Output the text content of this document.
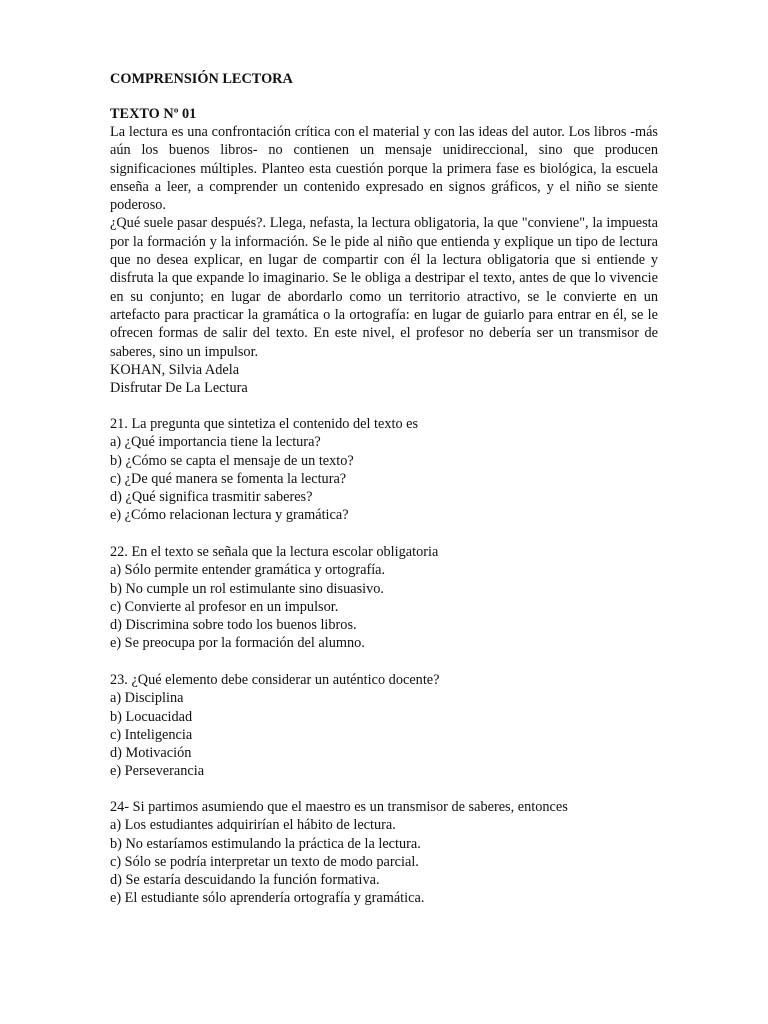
COMPRENSIÓN LECTORA

TEXTO Nº 01

La lectura es una confrontación crítica con el material y con las ideas del autor. Los libros -más aún los buenos libros- no contienen un mensaje unidireccional, sino que producen significaciones múltiples. Planteo esta cuestión porque la primera fase es biológica, la escuela enseña a leer, a comprender un contenido expresado en signos gráficos, y el niño se siente poderoso.

¿Qué suele pasar después?. Llega, nefasta, la lectura obligatoria, la que "conviene", la impuesta por la formación y la información. Se le pide al niño que entienda y explique un tipo de lectura que no desea explicar, en lugar de compartir con él la lectura obligatoria que si entiende y disfruta la que expande lo imaginario. Se le obliga a destripar el texto, antes de que lo vivencie en su conjunto; en lugar de abordarlo como un territorio atractivo, se le convierte en un artefacto para practicar la gramática o la ortografía: en lugar de guiarlo para entrar en él, se le ofrecen formas de salir del texto. En este nivel, el profesor no debería ser un transmisor de saberes, sino un impulsor.

KOHAN, Silvia Adela

Disfrutar De La Lectura

21. La pregunta que sintetiza el contenido del texto es

a) ¿Qué importancia tiene la lectura?
b) ¿Cómo se capta el mensaje de un texto?
c) ¿De qué manera se fomenta la lectura?
d) ¿Qué significa trasmitir saberes?
e) ¿Cómo relacionan lectura y gramática?

22. En el texto se señala que la lectura escolar obligatoria

a) Sólo permite entender gramática y ortografía.
b) No cumple un rol estimulante sino disuasivo.
c) Convierte al profesor en un impulsor.
d) Discrimina sobre todo los buenos libros.
e) Se preocupa por la formación del alumno.

23. ¿Qué elemento debe considerar un auténtico docente?

a) Disciplina
b) Locuacidad
c) Inteligencia
d) Motivación
e) Perseverancia

24- Si partimos asumiendo que el maestro es un transmisor de saberes, entonces

a) Los estudiantes adquirirían el hábito de lectura.
b) No estaríamos estimulando la práctica de la lectura.
c) Sólo se podría interpretar un texto de modo parcial.
d) Se estaría descuidando la función formativa.
e) El estudiante sólo aprendería ortografía y gramática.
